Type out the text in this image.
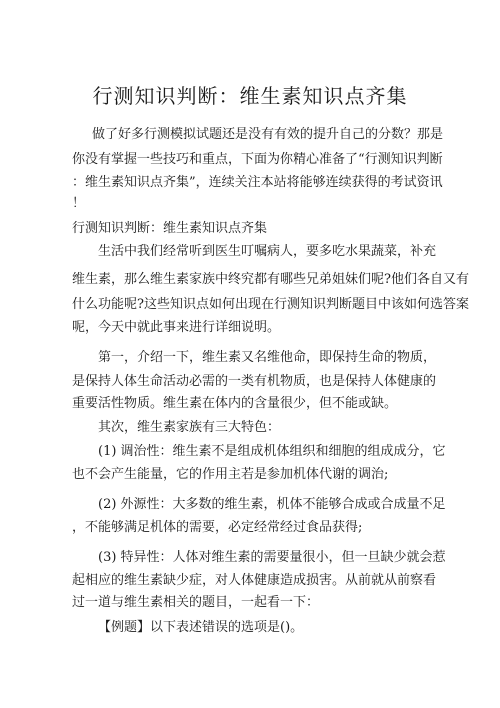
行测知识判断：维生素知识点齐集
做了好多行测模拟试题还是没有有效的提升自己的分数？那是
你没有掌握一些技巧和重点，下面为你精心准备了“行测知识判断
：维生素知识点齐集”，连续关注本站将能够连续获得的考试资讯
！
行测知识判断：维生素知识点齐集
生活中我们经常听到医生叮嘱病人，要多吃水果蔬菜，补充
维生素，那么维生素家族中终究都有哪些兄弟姐妹们呢?他们各自又有
什么功能呢?这些知识点如何出现在行测知识判断题目中该如何选答案
呢，今天中就此事来进行详细说明。
第一，介绍一下，维生素又名维他命，即保持生命的物质，
是保持人体生命活动必需的一类有机物质，也是保持人体健康的
重要活性物质。维生素在体内的含量很少，但不能或缺。
其次，维生素家族有三大特色：
(1) 调治性：维生素不是组成机体组织和细胞的组成成分，它
也不会产生能量，它的作用主若是参加机体代谢的调治;
(2) 外源性：大多数的维生素，机体不能够合成或合成量不足
，不能够满足机体的需要，必定经常经过食品获得;
(3) 特异性：人体对维生素的需要量很小，但一旦缺少就会惹
起相应的维生素缺少症，对人体健康造成损害。从前就从前察看
过一道与维生素相关的题目，一起看一下：
【例题】以下表述错误的选项是()。
